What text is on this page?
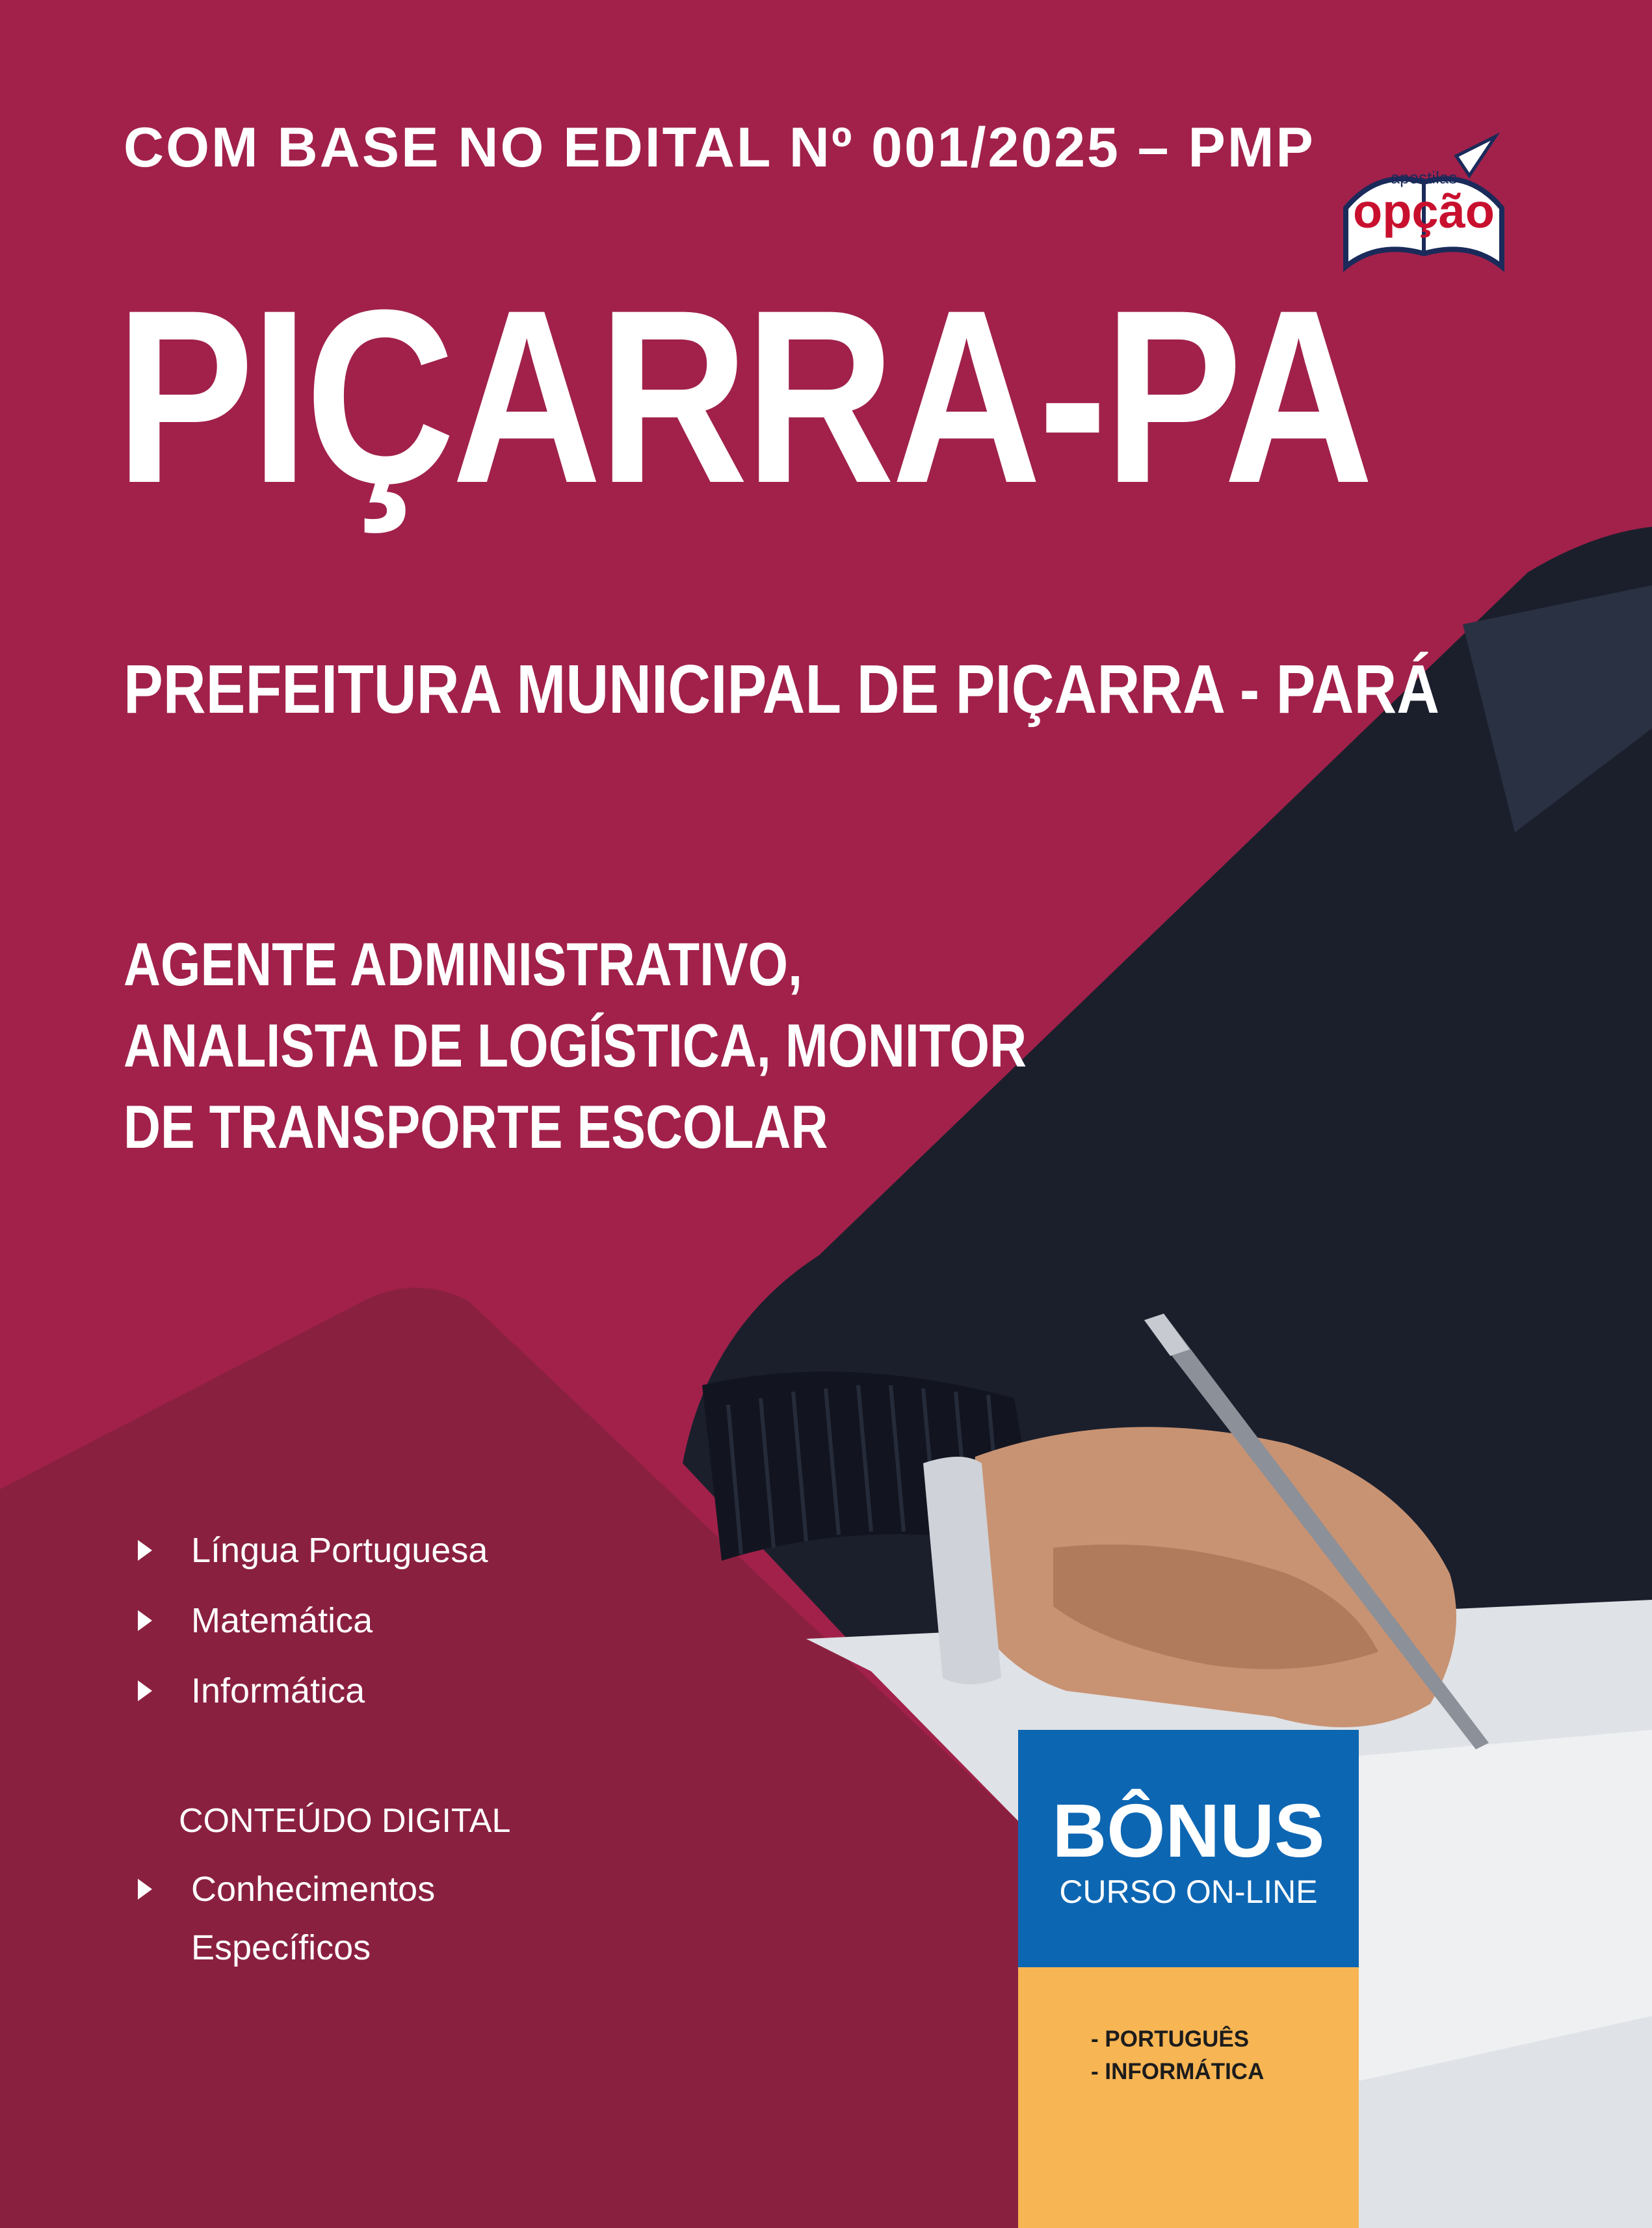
apostilas
opção
COM BASE NO EDITAL Nº 001/2025 – PMP
PIÇARRA-PA
PREFEITURA MUNICIPAL DE PIÇARRA - PARÁ
AGENTE ADMINISTRATIVO,
ANALISTA DE LOGÍSTICA, MONITOR
DE TRANSPORTE ESCOLAR
Língua Portuguesa
Matemática
Informática
CONTEÚDO DIGITAL
Conhecimentos
Específicos
BÔNUS
CURSO ON-LINE
- PORTUGUÊS
- INFORMÁTICA
